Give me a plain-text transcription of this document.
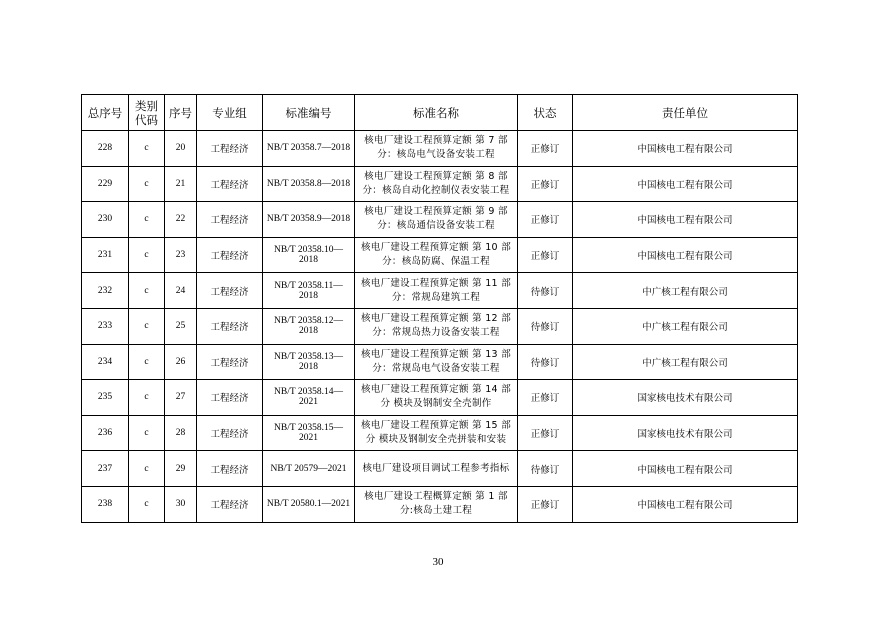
总序号	类别代码	序号	专业组	标准编号	标准名称	状态	责任单位
228	c	20	工程经济	NB/T 20358.7—2018	核电厂建设工程预算定额 第 7 部
分：核岛电气设备安装工程	正修订	中国核电工程有限公司
229	c	21	工程经济	NB/T 20358.8—2018	核电厂建设工程预算定额 第 8 部
分：核岛自动化控制仪表安装工程	正修订	中国核电工程有限公司
230	c	22	工程经济	NB/T 20358.9—2018	核电厂建设工程预算定额 第 9 部
分：核岛通信设备安装工程	正修订	中国核电工程有限公司
231	c	23	工程经济	NB/T 20358.10—2018	核电厂建设工程预算定额 第 10 部
分：核岛防腐、保温工程	正修订	中国核电工程有限公司
232	c	24	工程经济	NB/T 20358.11—2018	核电厂建设工程预算定额 第 11 部
分：常规岛建筑工程	待修订	中广核工程有限公司
233	c	25	工程经济	NB/T 20358.12—2018	核电厂建设工程预算定额 第 12 部
分：常规岛热力设备安装工程	待修订	中广核工程有限公司
234	c	26	工程经济	NB/T 20358.13—2018	核电厂建设工程预算定额 第 13 部
分：常规岛电气设备安装工程	待修订	中广核工程有限公司
235	c	27	工程经济	NB/T 20358.14—2021	核电厂建设工程预算定额 第 14 部
分 模块及钢制安全壳制作	正修订	国家核电技术有限公司
236	c	28	工程经济	NB/T 20358.15—2021	核电厂建设工程预算定额 第 15 部
分 模块及钢制安全壳拼装和安装	正修订	国家核电技术有限公司
237	c	29	工程经济	NB/T 20579—2021	核电厂建设项目调试工程参考指标	待修订	中国核电工程有限公司
238	c	30	工程经济	NB/T 20580.1—2021	核电厂建设工程概算定额 第 1 部
分:核岛土建工程	正修订	中国核电工程有限公司
30
